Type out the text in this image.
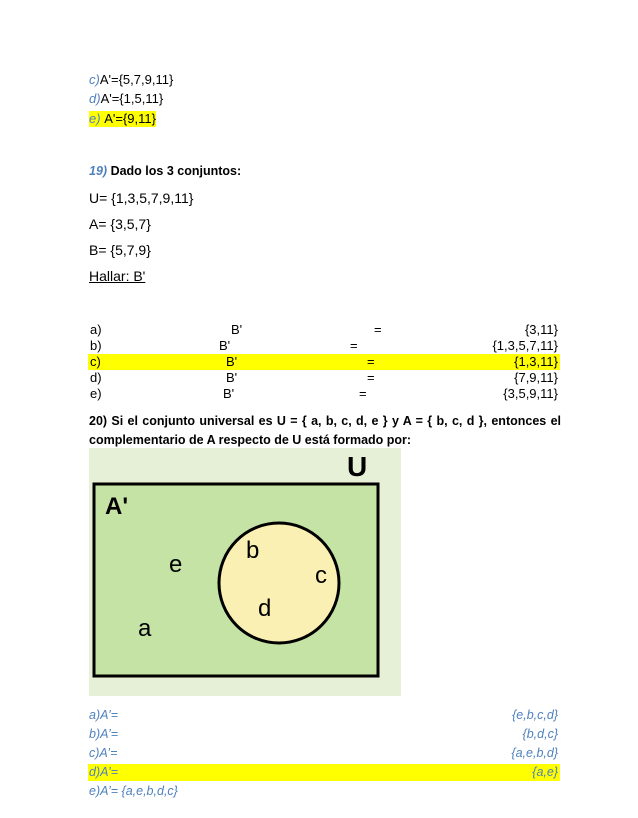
c)A'={5,7,9,11}
d)A'={1,5,11}
e) A'={9,11}
19) Dado los 3 conjuntos:
U= {1,3,5,7,9,11}
A= {3,5,7}
B= {5,7,9}
Hallar: B'
a)	B'	=	{3,11}
b)	B'	=	{1,3,5,7,11}
c)	B'	=	{1,3,11}
d)	B'	=	{7,9,11}
e)	B'	=	{3,5,9,11}
20) Si el conjunto universal es U = { a, b, c, d, e } y A = { b, c, d }, entonces el complementario de A respecto de U está formado por:
U
A'
e
a
b
c
d
a)A’=	{e,b,c,d}
b)A’=	{b,d,c}
c)A’=	{a,e,b,d}
d)A’=	{a,e}
e)A’= {a,e,b,d,c}
